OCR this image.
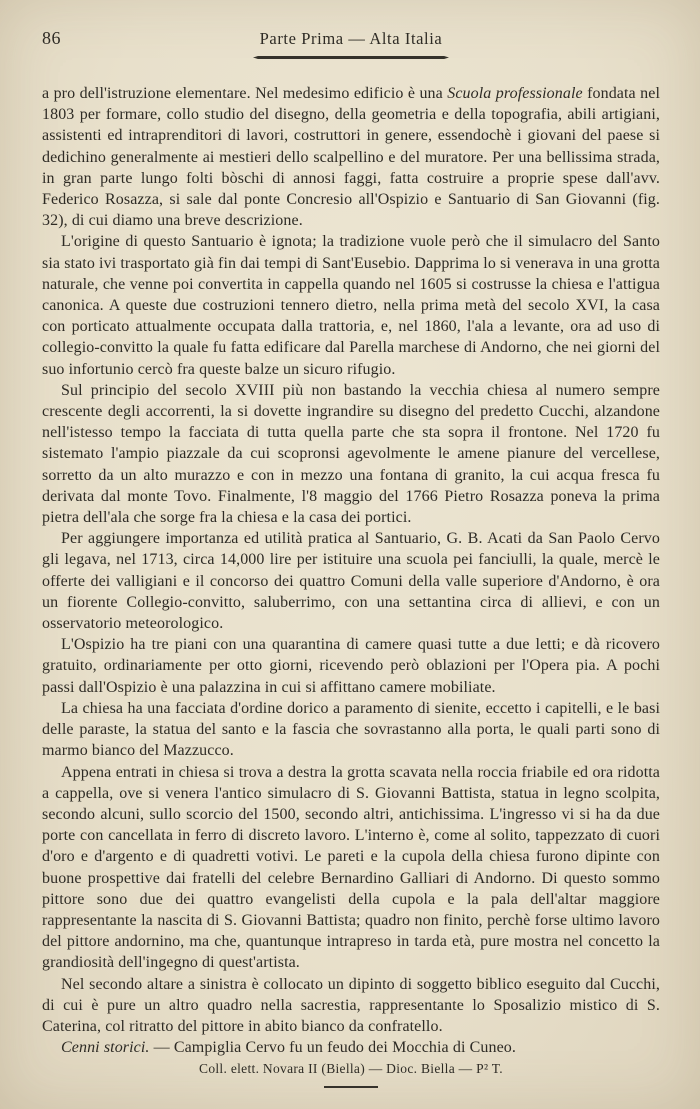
86	Parte Prima — Alta Italia

a pro dell'istruzione elementare. Nel medesimo edificio è una Scuola professionale fondata nel 1803 per formare, collo studio del disegno, della geometria e della topografia, abili artigiani, assistenti ed intraprenditori di lavori, costruttori in genere, essendochè i giovani del paese si dedichino generalmente ai mestieri dello scalpellino e del muratore. Per una bellissima strada, in gran parte lungo folti bòschi di annosi faggi, fatta costruire a proprie spese dall'avv. Federico Rosazza, si sale dal ponte Concresio all'Ospizio e Santuario di San Giovanni (fig. 32), di cui diamo una breve descrizione.

L'origine di questo Santuario è ignota; la tradizione vuole però che il simulacro del Santo sia stato ivi trasportato già fin dai tempi di Sant'Eusebio. Dapprima lo si venerava in una grotta naturale, che venne poi convertita in cappella quando nel 1605 si costrusse la chiesa e l'attigua canonica. A queste due costruzioni tennero dietro, nella prima metà del secolo XVI, la casa con porticato attualmente occupata dalla trattoria, e, nel 1860, l'ala a levante, ora ad uso di collegio-convitto la quale fu fatta edificare dal Parella marchese di Andorno, che nei giorni del suo infortunio cercò fra queste balze un sicuro rifugio.

Sul principio del secolo XVIII più non bastando la vecchia chiesa al numero sempre crescente degli accorrenti, la si dovette ingrandire su disegno del predetto Cucchi, alzandone nell'istesso tempo la facciata di tutta quella parte che sta sopra il frontone. Nel 1720 fu sistemato l'ampio piazzale da cui scopronsi agevolmente le amene pianure del vercellese, sorretto da un alto murazzo e con in mezzo una fontana di granito, la cui acqua fresca fu derivata dal monte Tovo. Finalmente, l'8 maggio del 1766 Pietro Rosazza poneva la prima pietra dell'ala che sorge fra la chiesa e la casa dei portici.

Per aggiungere importanza ed utilità pratica al Santuario, G. B. Acati da San Paolo Cervo gli legava, nel 1713, circa 14,000 lire per istituire una scuola pei fanciulli, la quale, mercè le offerte dei valligiani e il concorso dei quattro Comuni della valle superiore d'Andorno, è ora un fiorente Collegio-convitto, saluberrimo, con una settantina circa di allievi, e con un osservatorio meteorologico.

L'Ospizio ha tre piani con una quarantina di camere quasi tutte a due letti; e dà ricovero gratuito, ordinariamente per otto giorni, ricevendo però oblazioni per l'Opera pia. A pochi passi dall'Ospizio è una palazzina in cui si affittano camere mobiliate.

La chiesa ha una facciata d'ordine dorico a paramento di sienite, eccetto i capitelli, e le basi delle paraste, la statua del santo e la fascia che sovrastanno alla porta, le quali parti sono di marmo bianco del Mazzucco.

Appena entrati in chiesa si trova a destra la grotta scavata nella roccia friabile ed ora ridotta a cappella, ove si venera l'antico simulacro di S. Giovanni Battista, statua in legno scolpita, secondo alcuni, sullo scorcio del 1500, secondo altri, antichissima. L'ingresso vi si ha da due porte con cancellata in ferro di discreto lavoro. L'interno è, come al solito, tappezzato di cuori d'oro e d'argento e di quadretti votivi. Le pareti e la cupola della chiesa furono dipinte con buone prospettive dai fratelli del celebre Bernardino Galliari di Andorno. Di questo sommo pittore sono due dei quattro evangelisti della cupola e la pala dell'altar maggiore rappresentante la nascita di S. Giovanni Battista; quadro non finito, perchè forse ultimo lavoro del pittore andornino, ma che, quantunque intrapreso in tarda età, pure mostra nel concetto la grandiosità dell'ingegno di quest'artista.

Nel secondo altare a sinistra è collocato un dipinto di soggetto biblico eseguito dal Cucchi, di cui è pure un altro quadro nella sacrestia, rappresentante lo Sposalizio mistico di S. Caterina, col ritratto del pittore in abito bianco da confratello.

Cenni storici. — Campiglia Cervo fu un feudo dei Mocchia di Cuneo.

Coll. elett. Novara II (Biella) — Dioc. Biella — P² T.
